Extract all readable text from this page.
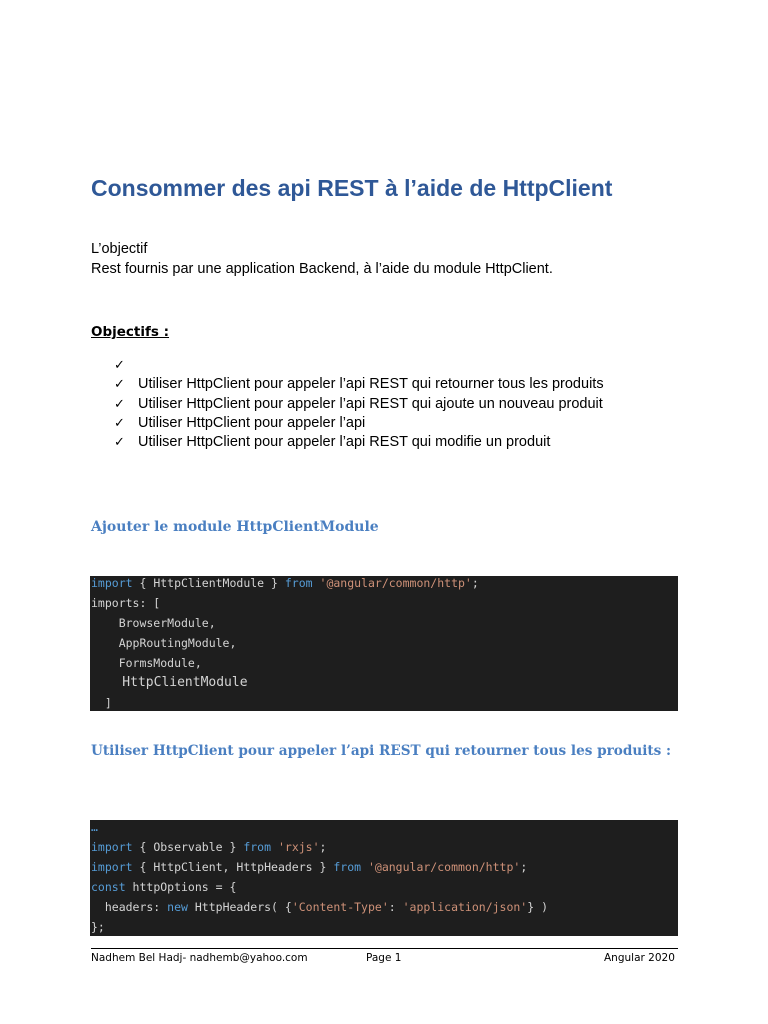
Consommer des api REST à l’aide de HttpClient
L’objectif
Rest fournis par une application Backend, à l’aide du module HttpClient.
Objectifs :
✓
✓ Utiliser HttpClient pour appeler l’api REST qui retourner tous les produits
✓ Utiliser HttpClient pour appeler l’api REST qui ajoute un nouveau produit
✓ Utiliser HttpClient pour appeler l’api
✓ Utiliser HttpClient pour appeler l’api REST qui modifie un produit
Ajouter le module HttpClientModule
import { HttpClientModule } from '@angular/common/http';
imports: [
BrowserModule,
AppRoutingModule,
FormsModule,
HttpClientModule
]
Utiliser HttpClient pour appeler l’api REST qui retourner tous les produits :
…
import { Observable } from 'rxjs';
import { HttpClient, HttpHeaders } from '@angular/common/http';
const httpOptions = {
headers: new HttpHeaders( {'Content-Type': 'application/json'} )
};
Nadhem Bel Hadj- nadhemb@yahoo.com	Page 1	Angular 2020
